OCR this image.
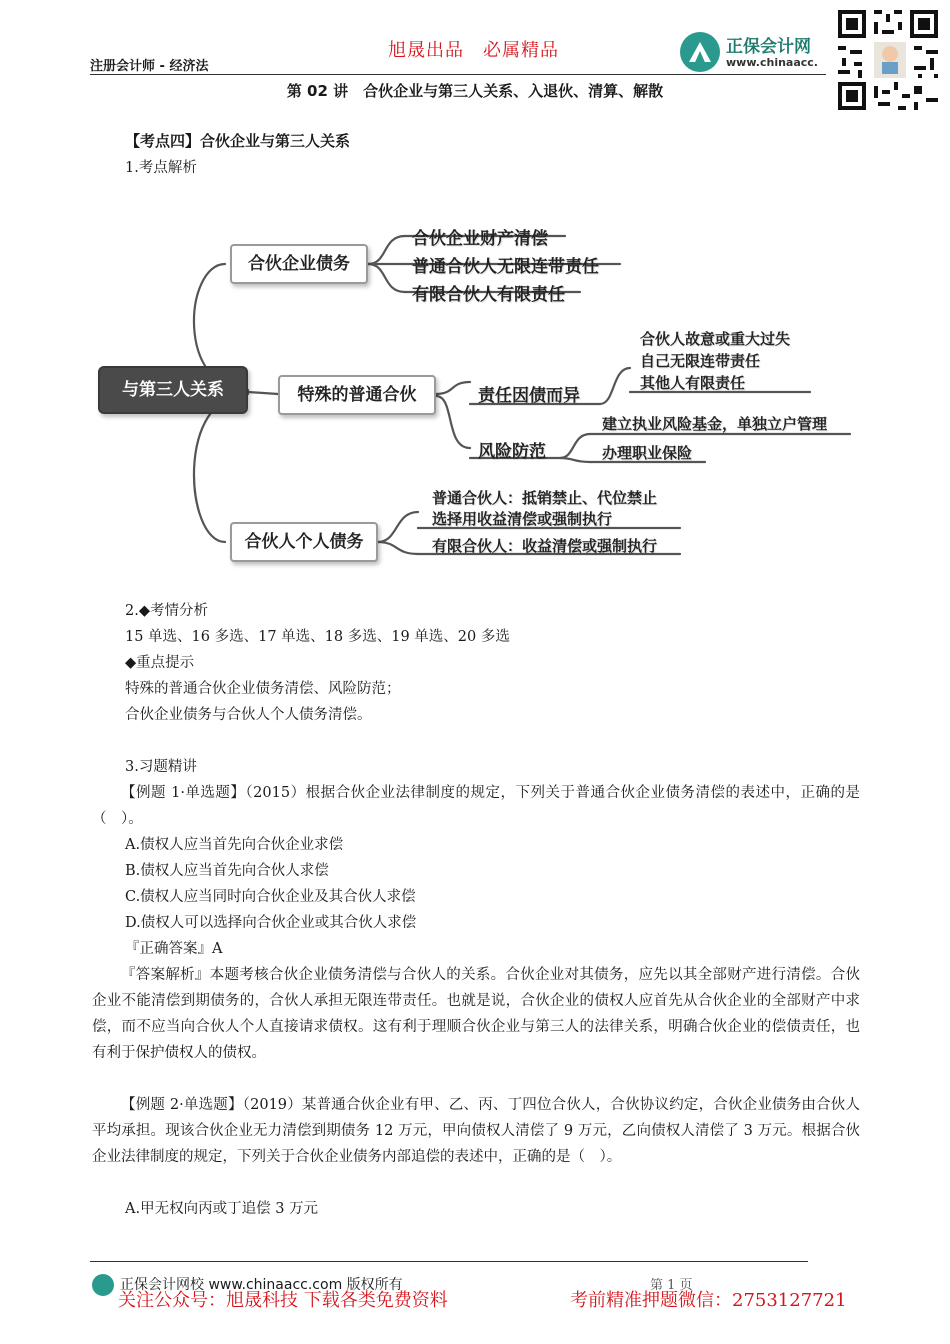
旭晟出品　必属精品
注册会计师 - 经济法
正保会计网
www.chinaacc.
第 02 讲　合伙企业与第三人关系、入退伙、清算、解散
【考点四】合伙企业与第三人关系
1.考点解析
与第三人关系
合伙企业债务
特殊的普通合伙
合伙人个人债务
合伙企业财产清偿
普通合伙人无限连带责任
有限合伙人有限责任
责任因债而异
合伙人故意或重大过失
自己无限连带责任
其他人有限责任
风险防范
建立执业风险基金，单独立户管理
办理职业保险
普通合伙人：抵销禁止、代位禁止
选择用收益清偿或强制执行
有限合伙人：收益清偿或强制执行
2.◆考情分析
15 单选、16 多选、17 单选、18 多选、19 单选、20 多选
◆重点提示
特殊的普通合伙企业债务清偿、风险防范；
合伙企业债务与合伙人个人债务清偿。
3.习题精讲
【例题 1·单选题】（2015）根据合伙企业法律制度的规定，下列关于普通合伙企业债务清偿的表述中，正确的是（　）。
A.债权人应当首先向合伙企业求偿
B.债权人应当首先向合伙人求偿
C.债权人应当同时向合伙企业及其合伙人求偿
D.债权人可以选择向合伙企业或其合伙人求偿
『正确答案』A
『答案解析』本题考核合伙企业债务清偿与合伙人的关系。合伙企业对其债务，应先以其全部财产进行清偿。合伙企业不能清偿到期债务的，合伙人承担无限连带责任。也就是说，合伙企业的债权人应首先从合伙企业的全部财产中求偿，而不应当向合伙人个人直接请求债权。这有利于理顺合伙企业与第三人的法律关系，明确合伙企业的偿债责任，也有利于保护债权人的债权。
【例题 2·单选题】（2019）某普通合伙企业有甲、乙、丙、丁四位合伙人，合伙协议约定，合伙企业债务由合伙人平均承担。现该合伙企业无力清偿到期债务 12 万元，甲向债权人清偿了 9 万元，乙向债权人清偿了 3 万元。根据合伙企业法律制度的规定，下列关于合伙企业债务内部追偿的表述中，正确的是（　）。
A.甲无权向丙或丁追偿 3 万元
正保会计网校 www.chinaacc.com 版权所有	第 1 页
关注公众号：旭晟科技 下载各类免费资料	考前精准押题微信：2753127721
